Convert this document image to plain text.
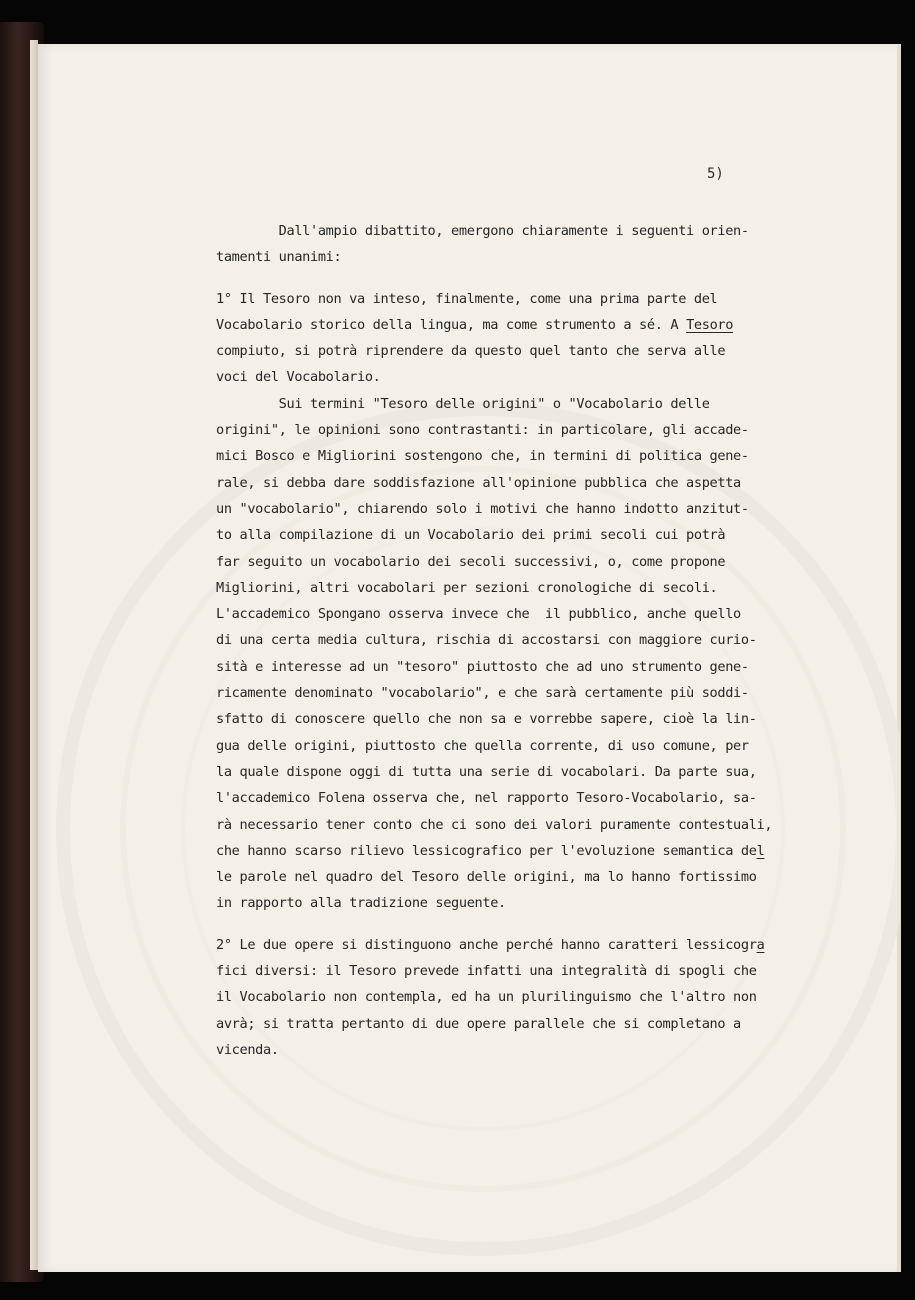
5)
Dall'ampio dibattito, emergono chiaramente i seguenti orien-
tamenti unanimi:
1° Il Tesoro non va inteso, finalmente, come una prima parte del
Vocabolario storico della lingua, ma come strumento a sé. A Tesoro
compiuto, si potrà riprendere da questo quel tanto che serva alle
voci del Vocabolario.
Sui termini "Tesoro delle origini" o "Vocabolario delle
origini", le opinioni sono contrastanti: in particolare, gli accade-
mici Bosco e Migliorini sostengono che, in termini di politica gene-
rale, si debba dare soddisfazione all'opinione pubblica che aspetta
un "vocabolario", chiarendo solo i motivi che hanno indotto anzitut-
to alla compilazione di un Vocabolario dei primi secoli cui potrà
far seguito un vocabolario dei secoli successivi, o, come propone
Migliorini, altri vocabolari per sezioni cronologiche di secoli.
L'accademico Spongano osserva invece che  il pubblico, anche quello
di una certa media cultura, rischia di accostarsi con maggiore curio-
sità e interesse ad un "tesoro" piuttosto che ad uno strumento gene-
ricamente denominato "vocabolario", e che sarà certamente più soddi-
sfatto di conoscere quello che non sa e vorrebbe sapere, cioè la lin-
gua delle origini, piuttosto che quella corrente, di uso comune, per
la quale dispone oggi di tutta una serie di vocabolari. Da parte sua,
l'accademico Folena osserva che, nel rapporto Tesoro-Vocabolario, sa-
rà necessario tener conto che ci sono dei valori puramente contestuali,
che hanno scarso rilievo lessicografico per l'evoluzione semantica del
le parole nel quadro del Tesoro delle origini, ma lo hanno fortissimo
in rapporto alla tradizione seguente.
2° Le due opere si distinguono anche perché hanno caratteri lessicogra
fici diversi: il Tesoro prevede infatti una integralità di spogli che
il Vocabolario non contempla, ed ha un plurilinguismo che l'altro non
avrà; si tratta pertanto di due opere parallele che si completano a
vicenda.
